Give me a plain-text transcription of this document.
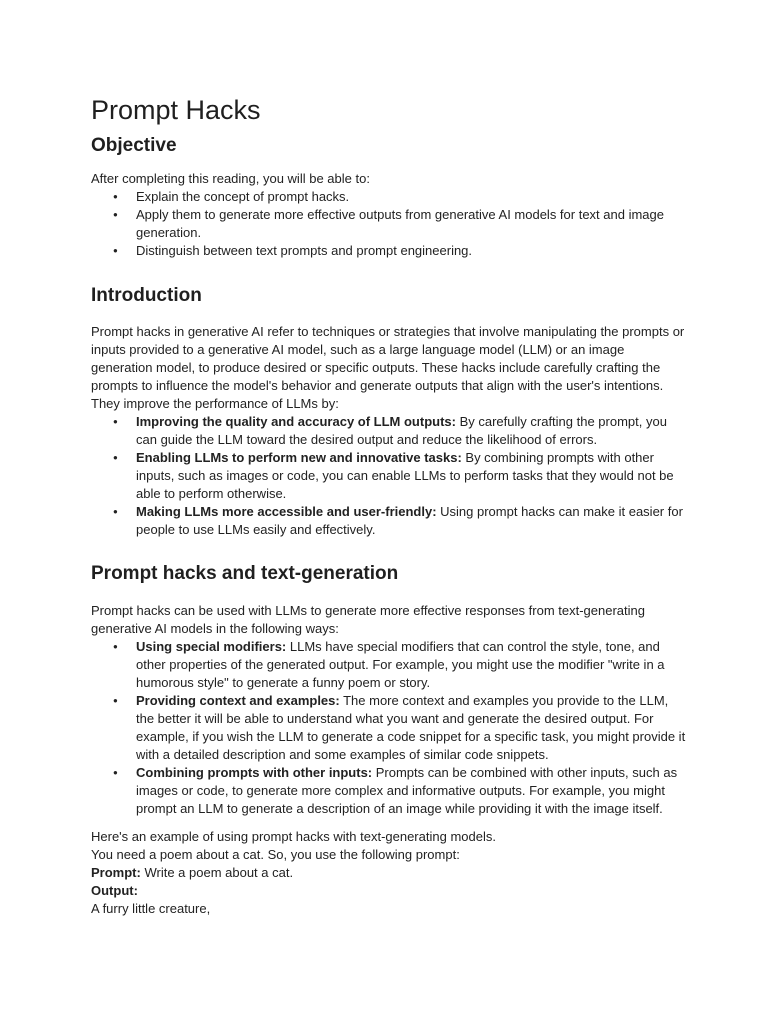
Prompt Hacks
Objective

After completing this reading, you will be able to:

● Explain the concept of prompt hacks.
● Apply them to generate more effective outputs from generative AI models for text and image generation.
● Distinguish between text prompts and prompt engineering.
Introduction

Prompt hacks in generative AI refer to techniques or strategies that involve manipulating the prompts or inputs provided to a generative AI model, such as a large language model (LLM) or an image generation model, to produce desired or specific outputs. These hacks include carefully crafting the prompts to influence the model's behavior and generate outputs that align with the user's intentions. They improve the performance of LLMs by:

● Improving the quality and accuracy of LLM outputs: By carefully crafting the prompt, you can guide the LLM toward the desired output and reduce the likelihood of errors.
● Enabling LLMs to perform new and innovative tasks: By combining prompts with other inputs, such as images or code, you can enable LLMs to perform tasks that they would not be able to perform otherwise.
● Making LLMs more accessible and user-friendly: Using prompt hacks can make it easier for people to use LLMs easily and effectively.
Prompt hacks and text-generation

Prompt hacks can be used with LLMs to generate more effective responses from text-generating generative AI models in the following ways:

● Using special modifiers: LLMs have special modifiers that can control the style, tone, and other properties of the generated output. For example, you might use the modifier "write in a humorous style" to generate a funny poem or story.
● Providing context and examples: The more context and examples you provide to the LLM, the better it will be able to understand what you want and generate the desired output. For example, if you wish the LLM to generate a code snippet for a specific task, you might provide it with a detailed description and some examples of similar code snippets.
● Combining prompts with other inputs: Prompts can be combined with other inputs, such as images or code, to generate more complex and informative outputs. For example, you might prompt an LLM to generate a description of an image while providing it with the image itself.

Here's an example of using prompt hacks with text-generating models.

You need a poem about a cat. So, you use the following prompt:

Prompt: Write a poem about a cat.

Output:

A furry little creature,
